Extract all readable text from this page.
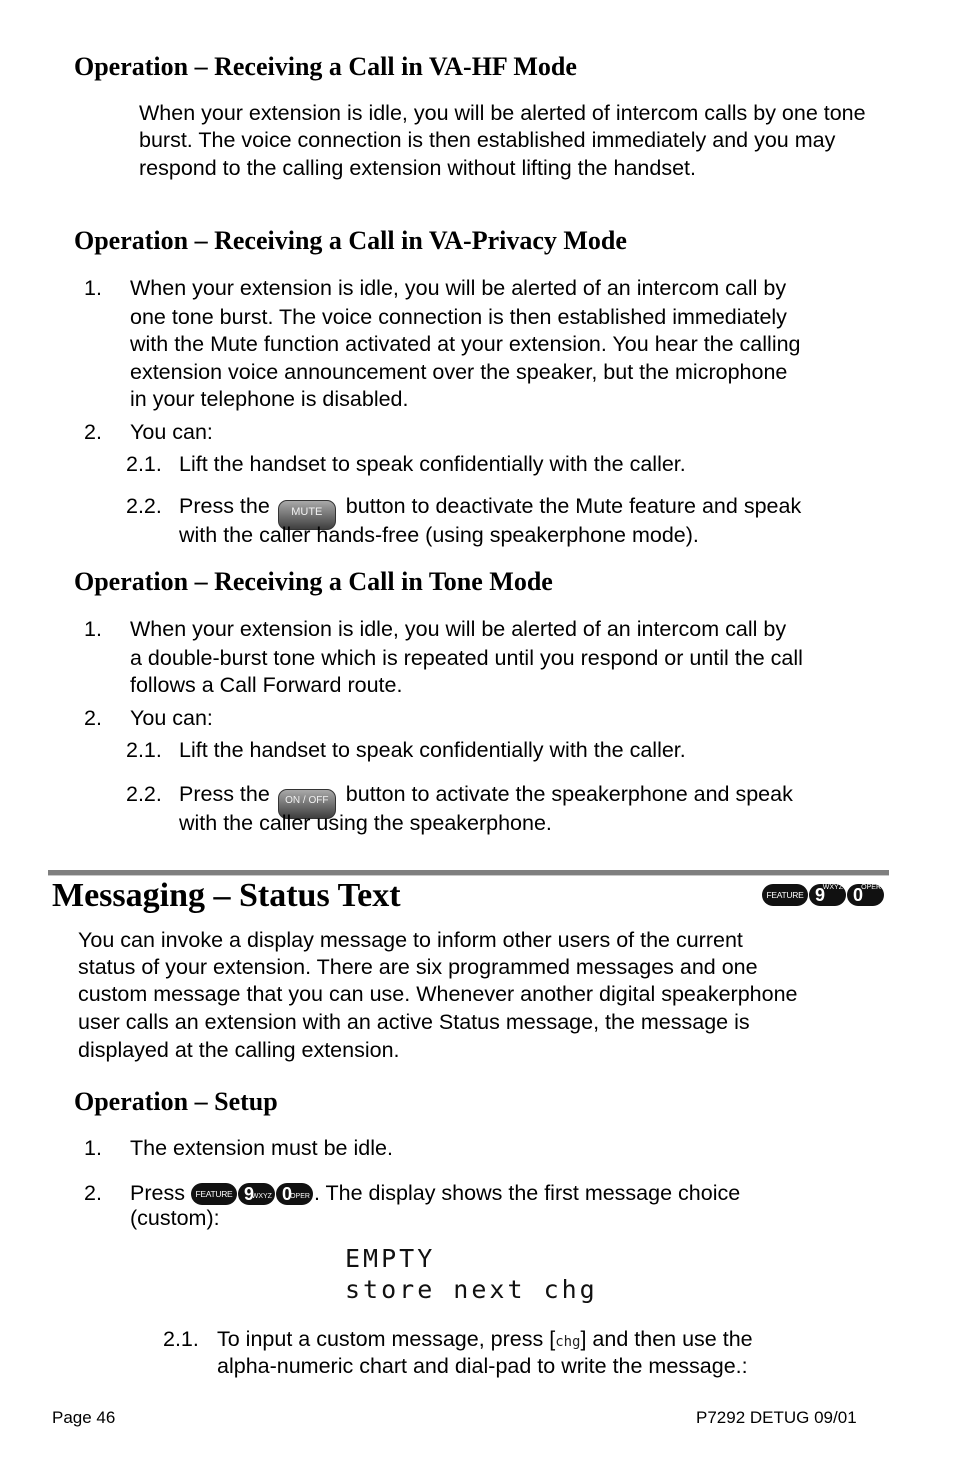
Operation – Receiving a Call in VA-HF Mode
When your extension is idle, you will be alerted of intercom calls by one tone burst. The voice connection is then established immediately and you may respond to the calling extension without lifting the handset.
Operation – Receiving a Call in VA-Privacy Mode
1. When your extension is idle, you will be alerted of an intercom call by
one tone burst. The voice connection is then established immediately
with the Mute function activated at your extension. You hear the calling
extension voice announcement over the speaker, but the microphone
in your telephone is disabled.
2. You can:
2.1. Lift the handset to speak confidentially with the caller.
2.2. Press the MUTE button to deactivate the Mute feature and speak
with the caller hands-free (using speakerphone mode).
Operation – Receiving a Call in Tone Mode
1. When your extension is idle, you will be alerted of an intercom call by
a double-burst tone which is repeated until you respond or until the call
follows a Call Forward route.
2. You can:
2.1. Lift the handset to speak confidentially with the caller.
2.2. Press the ON / OFF button to activate the speakerphone and speak
with the caller using the speakerphone.
Messaging – Status Text	FEATURE 9
WXYZ 0
OPER
You can invoke a display message to inform other users of the current
status of your extension. There are six programmed messages and one
custom message that you can use. Whenever another digital speakerphone
user calls an extension with an active Status message, the message is
displayed at the calling extension.
Operation – Setup
1. The extension must be idle.
2. Press	FEATURE 9
WXYZ 0
OPER . The display shows the first message choice
(custom):
EMPTY
store next chg
2.1. To input a custom message, press [chg] and then use the
alpha-numeric chart and dial-pad to write the message.:
Page 46	P7292 DETUG 09/01
